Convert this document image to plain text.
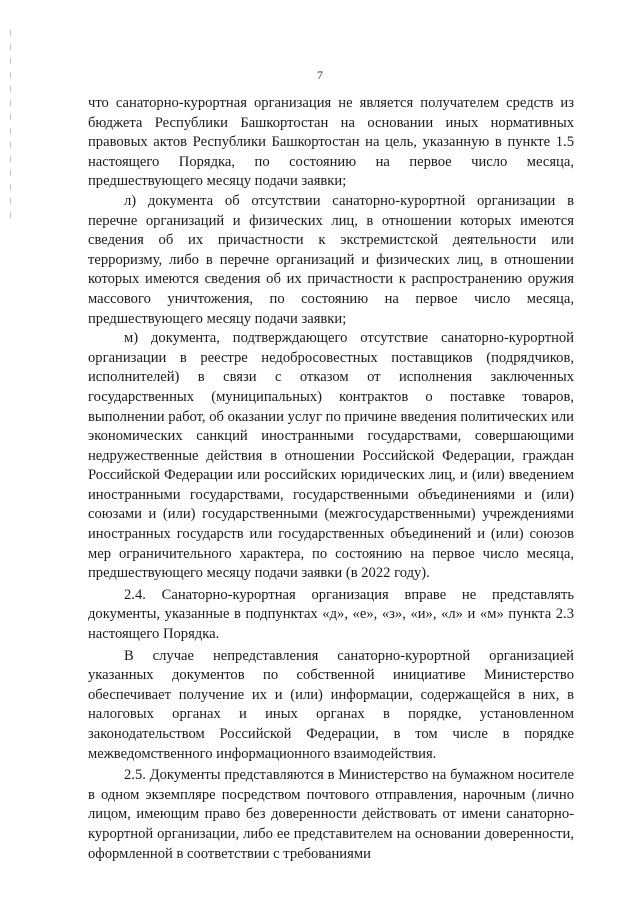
7

что санаторно-курортная организация не является получателем средств из бюджета Республики Башкортостан на основании иных нормативных правовых актов Республики Башкортостан на цель, указанную в пункте 1.5 настоящего Порядка, по состоянию на первое число месяца, предшествующего месяцу подачи заявки;

л) документа об отсутствии санаторно-курортной организации в перечне организаций и физических лиц, в отношении которых имеются сведения об их причастности к экстремистской деятельности или терроризму, либо в перечне организаций и физических лиц, в отношении которых имеются сведения об их причастности к распространению оружия массового уничтожения, по состоянию на первое число месяца, предшествующего месяцу подачи заявки;

м) документа, подтверждающего отсутствие санаторно-курортной организации в реестре недобросовестных поставщиков (подрядчиков, исполнителей) в связи с отказом от исполнения заключенных государственных (муниципальных) контрактов о поставке товаров, выполнении работ, об оказании услуг по причине введения политических или экономических санкций иностранными государствами, совершающими недружественные действия в отношении Российской Федерации, граждан Российской Федерации или российских юридических лиц, и (или) введением иностранными государствами, государственными объединениями и (или) союзами и (или) государственными (межгосударственными) учреждениями иностранных государств или государственных объединений и (или) союзов мер ограничительного характера, по состоянию на первое число месяца, предшествующего месяцу подачи заявки (в 2022 году).

2.4. Санаторно-курортная организация вправе не представлять документы, указанные в подпунктах «д», «е», «з», «и», «л» и «м» пункта 2.3 настоящего Порядка.

В случае непредставления санаторно-курортной организацией указанных документов по собственной инициативе Министерство обеспечивает получение их и (или) информации, содержащейся в них, в налоговых органах и иных органах в порядке, установленном законодательством Российской Федерации, в том числе в порядке межведомственного информационного взаимодействия.

2.5. Документы представляются в Министерство на бумажном носителе в одном экземпляре посредством почтового отправления, нарочным (лично лицом, имеющим право без доверенности действовать от имени санаторно-курортной организации, либо ее представителем на основании доверенности, оформленной в соответствии с требованиями
